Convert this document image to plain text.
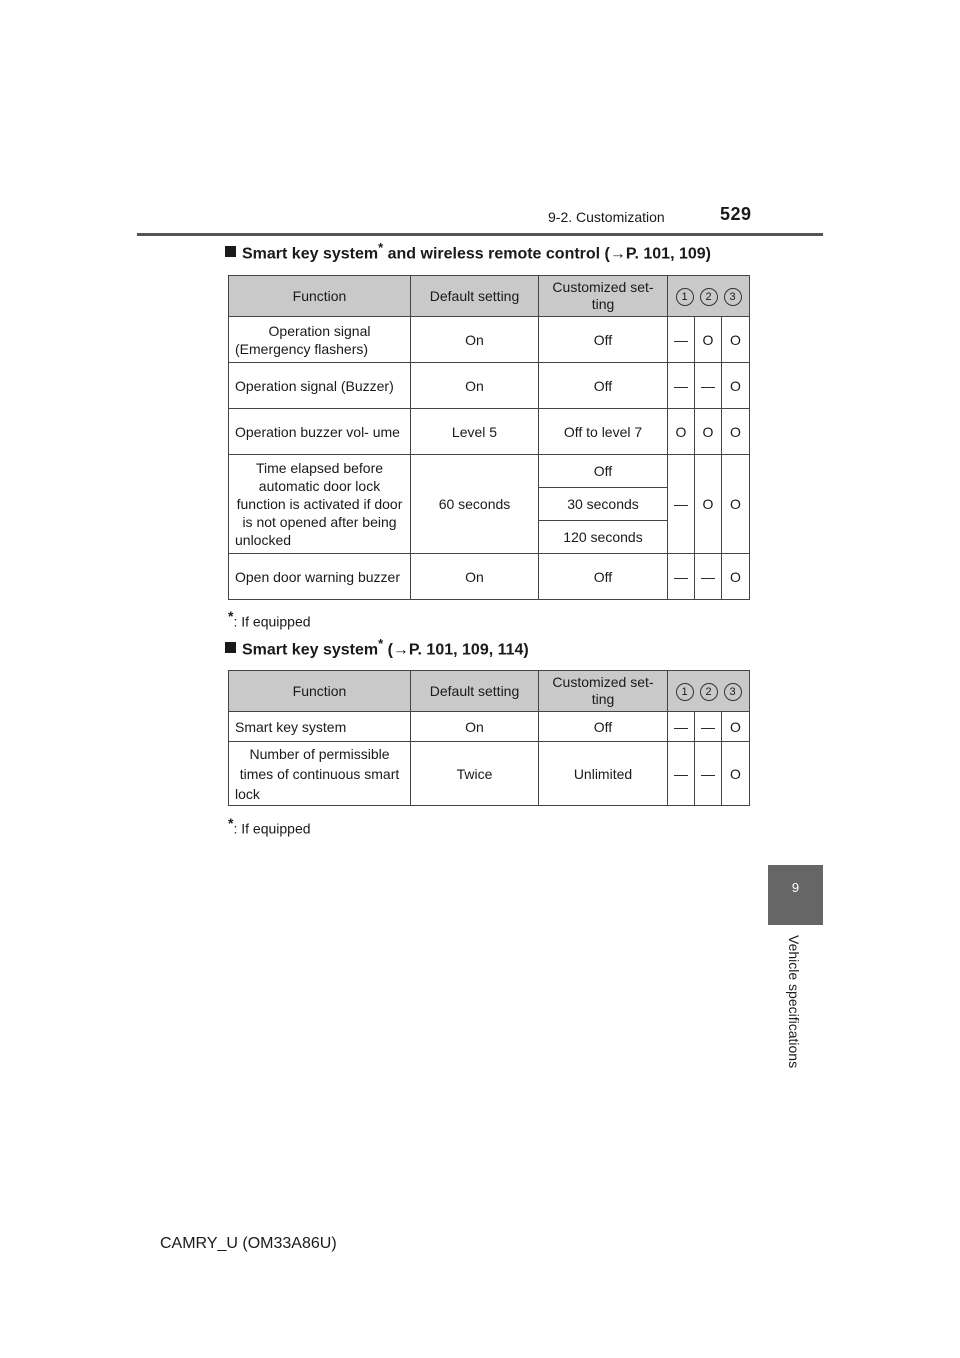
9-2. Customization	529
Smart key system* and wireless remote control (→P. 101, 109)
Function	Default setting	Customized set- ting	1 2 3		
Operation signal (Emergency flashers)	On	Off	—	O	O
Operation signal (Buzzer)	On	Off	—	—	O
Operation buzzer vol- ume	Level 5	Off to level 7	O	O	O
Time elapsed before automatic door lock function is activated if door is not opened after being unlocked	60 seconds	Off	—	O	O
		30 seconds			
		120 seconds			
Open door warning buzzer	On	Off	—	—	O
*: If equipped
Smart key system* (→P. 101, 109, 114)
Function	Default setting	Customized set- ting	1 2 3		
Smart key system	On	Off	—	—	O
Number of permissible times of continuous smart lock	Twice	Unlimited	—	—	O
*: If equipped
9
Vehicle specifications
CAMRY_U (OM33A86U)
